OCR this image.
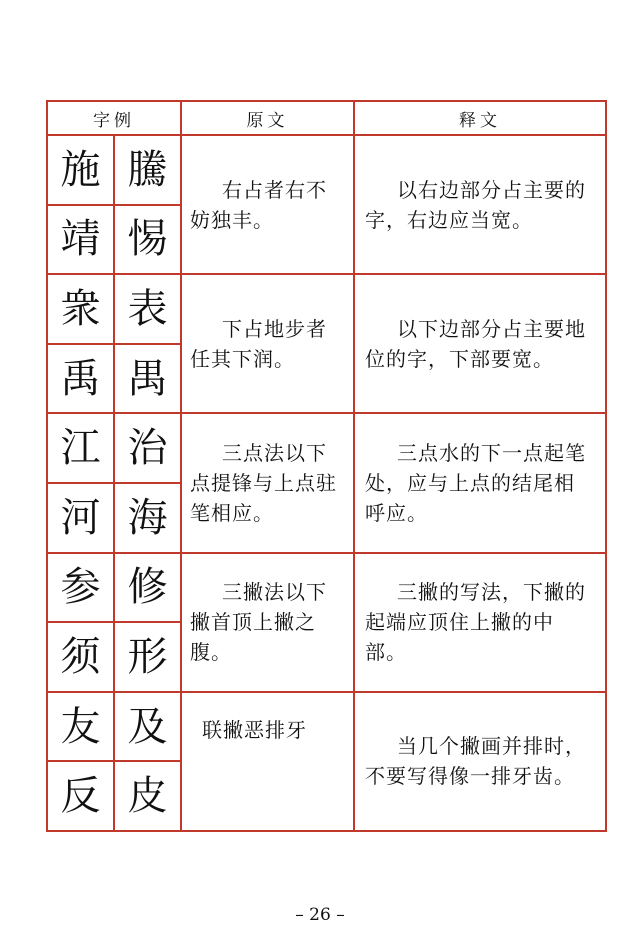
字例		原文	释文
施	騰	右占者右不妨独丰。	以右边部分占主要的字，右边应当宽。

靖	惕		
衆	表	下占地步者任其下润。	以下边部分占主要地位的字，下部要宽。

禹	禺		
江	治	三点法以下点提锋与上点驻笔相应。	三点水的下一点起笔处，应与上点的结尾相呼应。

河	海		
参	修	三撇法以下撇首顶上撇之腹。	三撇的写法，下撇的起端应顶住上撇的中部。

须	形		
友	及	联撇恶排牙	当几个撇画并排时，不要写得像一排牙齿。

反	皮		
– 26 –
